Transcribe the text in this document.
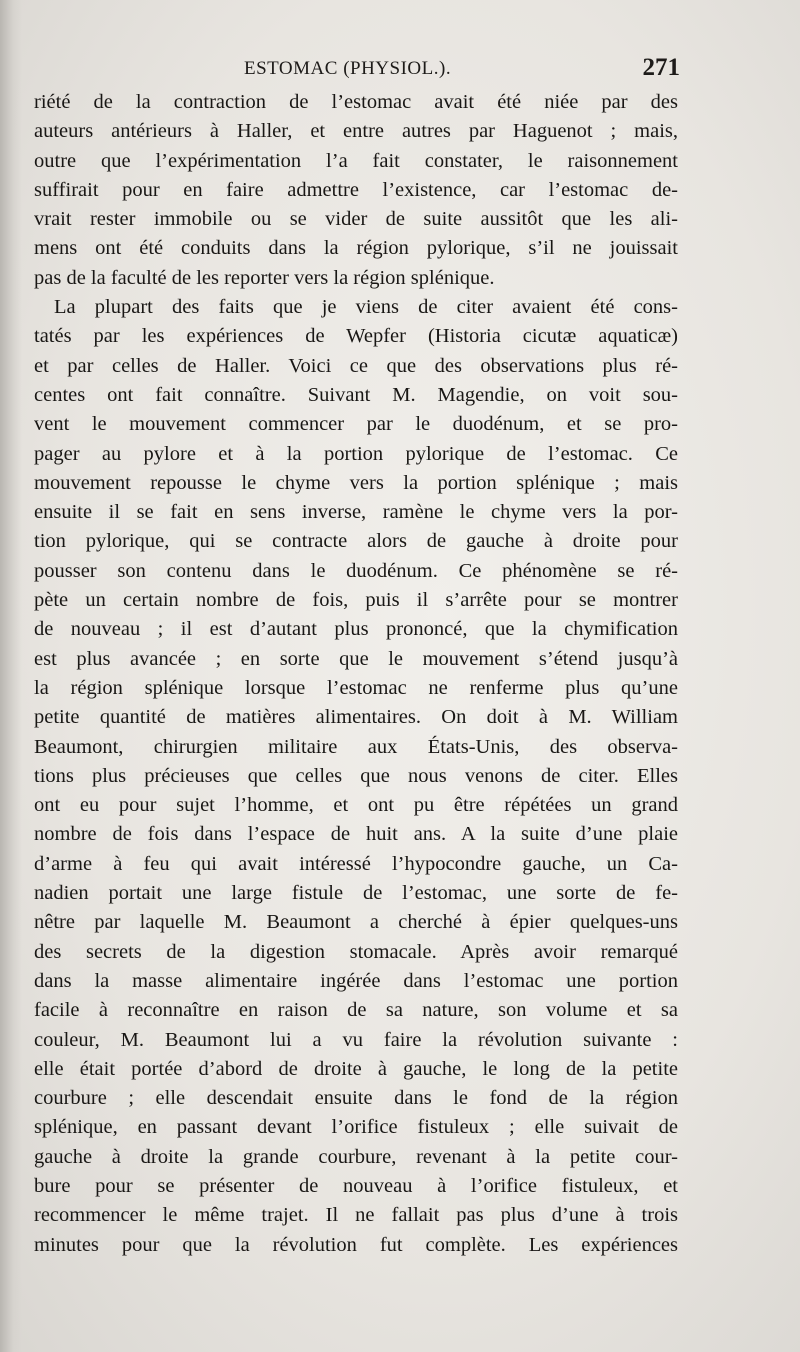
ESTOMAC (PHYSIOL.).	271
riété de la contraction de l’estomac avait été niée par des
auteurs antérieurs à Haller, et entre autres par Haguenot ; mais,
outre que l’expérimentation l’a fait constater, le raisonnement
suffirait pour en faire admettre l’existence, car l’estomac de-
vrait rester immobile ou se vider de suite aussitôt que les ali-
mens ont été conduits dans la région pylorique, s’il ne jouissait
pas de la faculté de les reporter vers la région splénique.
La plupart des faits que je viens de citer avaient été cons-
tatés par les expériences de Wepfer (Historia cicutæ aquaticæ)
et par celles de Haller. Voici ce que des observations plus ré-
centes ont fait connaître. Suivant M. Magendie, on voit sou-
vent le mouvement commencer par le duodénum, et se pro-
pager au pylore et à la portion pylorique de l’estomac. Ce
mouvement repousse le chyme vers la portion splénique ; mais
ensuite il se fait en sens inverse, ramène le chyme vers la por-
tion pylorique, qui se contracte alors de gauche à droite pour
pousser son contenu dans le duodénum. Ce phénomène se ré-
pète un certain nombre de fois, puis il s’arrête pour se montrer
de nouveau ; il est d’autant plus prononcé, que la chymification
est plus avancée ; en sorte que le mouvement s’étend jusqu’à
la région splénique lorsque l’estomac ne renferme plus qu’une
petite quantité de matières alimentaires. On doit à M. William
Beaumont, chirurgien militaire aux États-Unis, des observa-
tions plus précieuses que celles que nous venons de citer. Elles
ont eu pour sujet l’homme, et ont pu être répétées un grand
nombre de fois dans l’espace de huit ans. A la suite d’une plaie
d’arme à feu qui avait intéressé l’hypocondre gauche, un Ca-
nadien portait une large fistule de l’estomac, une sorte de fe-
nêtre par laquelle M. Beaumont a cherché à épier quelques-uns
des secrets de la digestion stomacale. Après avoir remarqué
dans la masse alimentaire ingérée dans l’estomac une portion
facile à reconnaître en raison de sa nature, son volume et sa
couleur, M. Beaumont lui a vu faire la révolution suivante :
elle était portée d’abord de droite à gauche, le long de la petite
courbure ; elle descendait ensuite dans le fond de la région
splénique, en passant devant l’orifice fistuleux ; elle suivait de
gauche à droite la grande courbure, revenant à la petite cour-
bure pour se présenter de nouveau à l’orifice fistuleux, et
recommencer le même trajet. Il ne fallait pas plus d’une à trois
minutes pour que la révolution fut complète. Les expériences
